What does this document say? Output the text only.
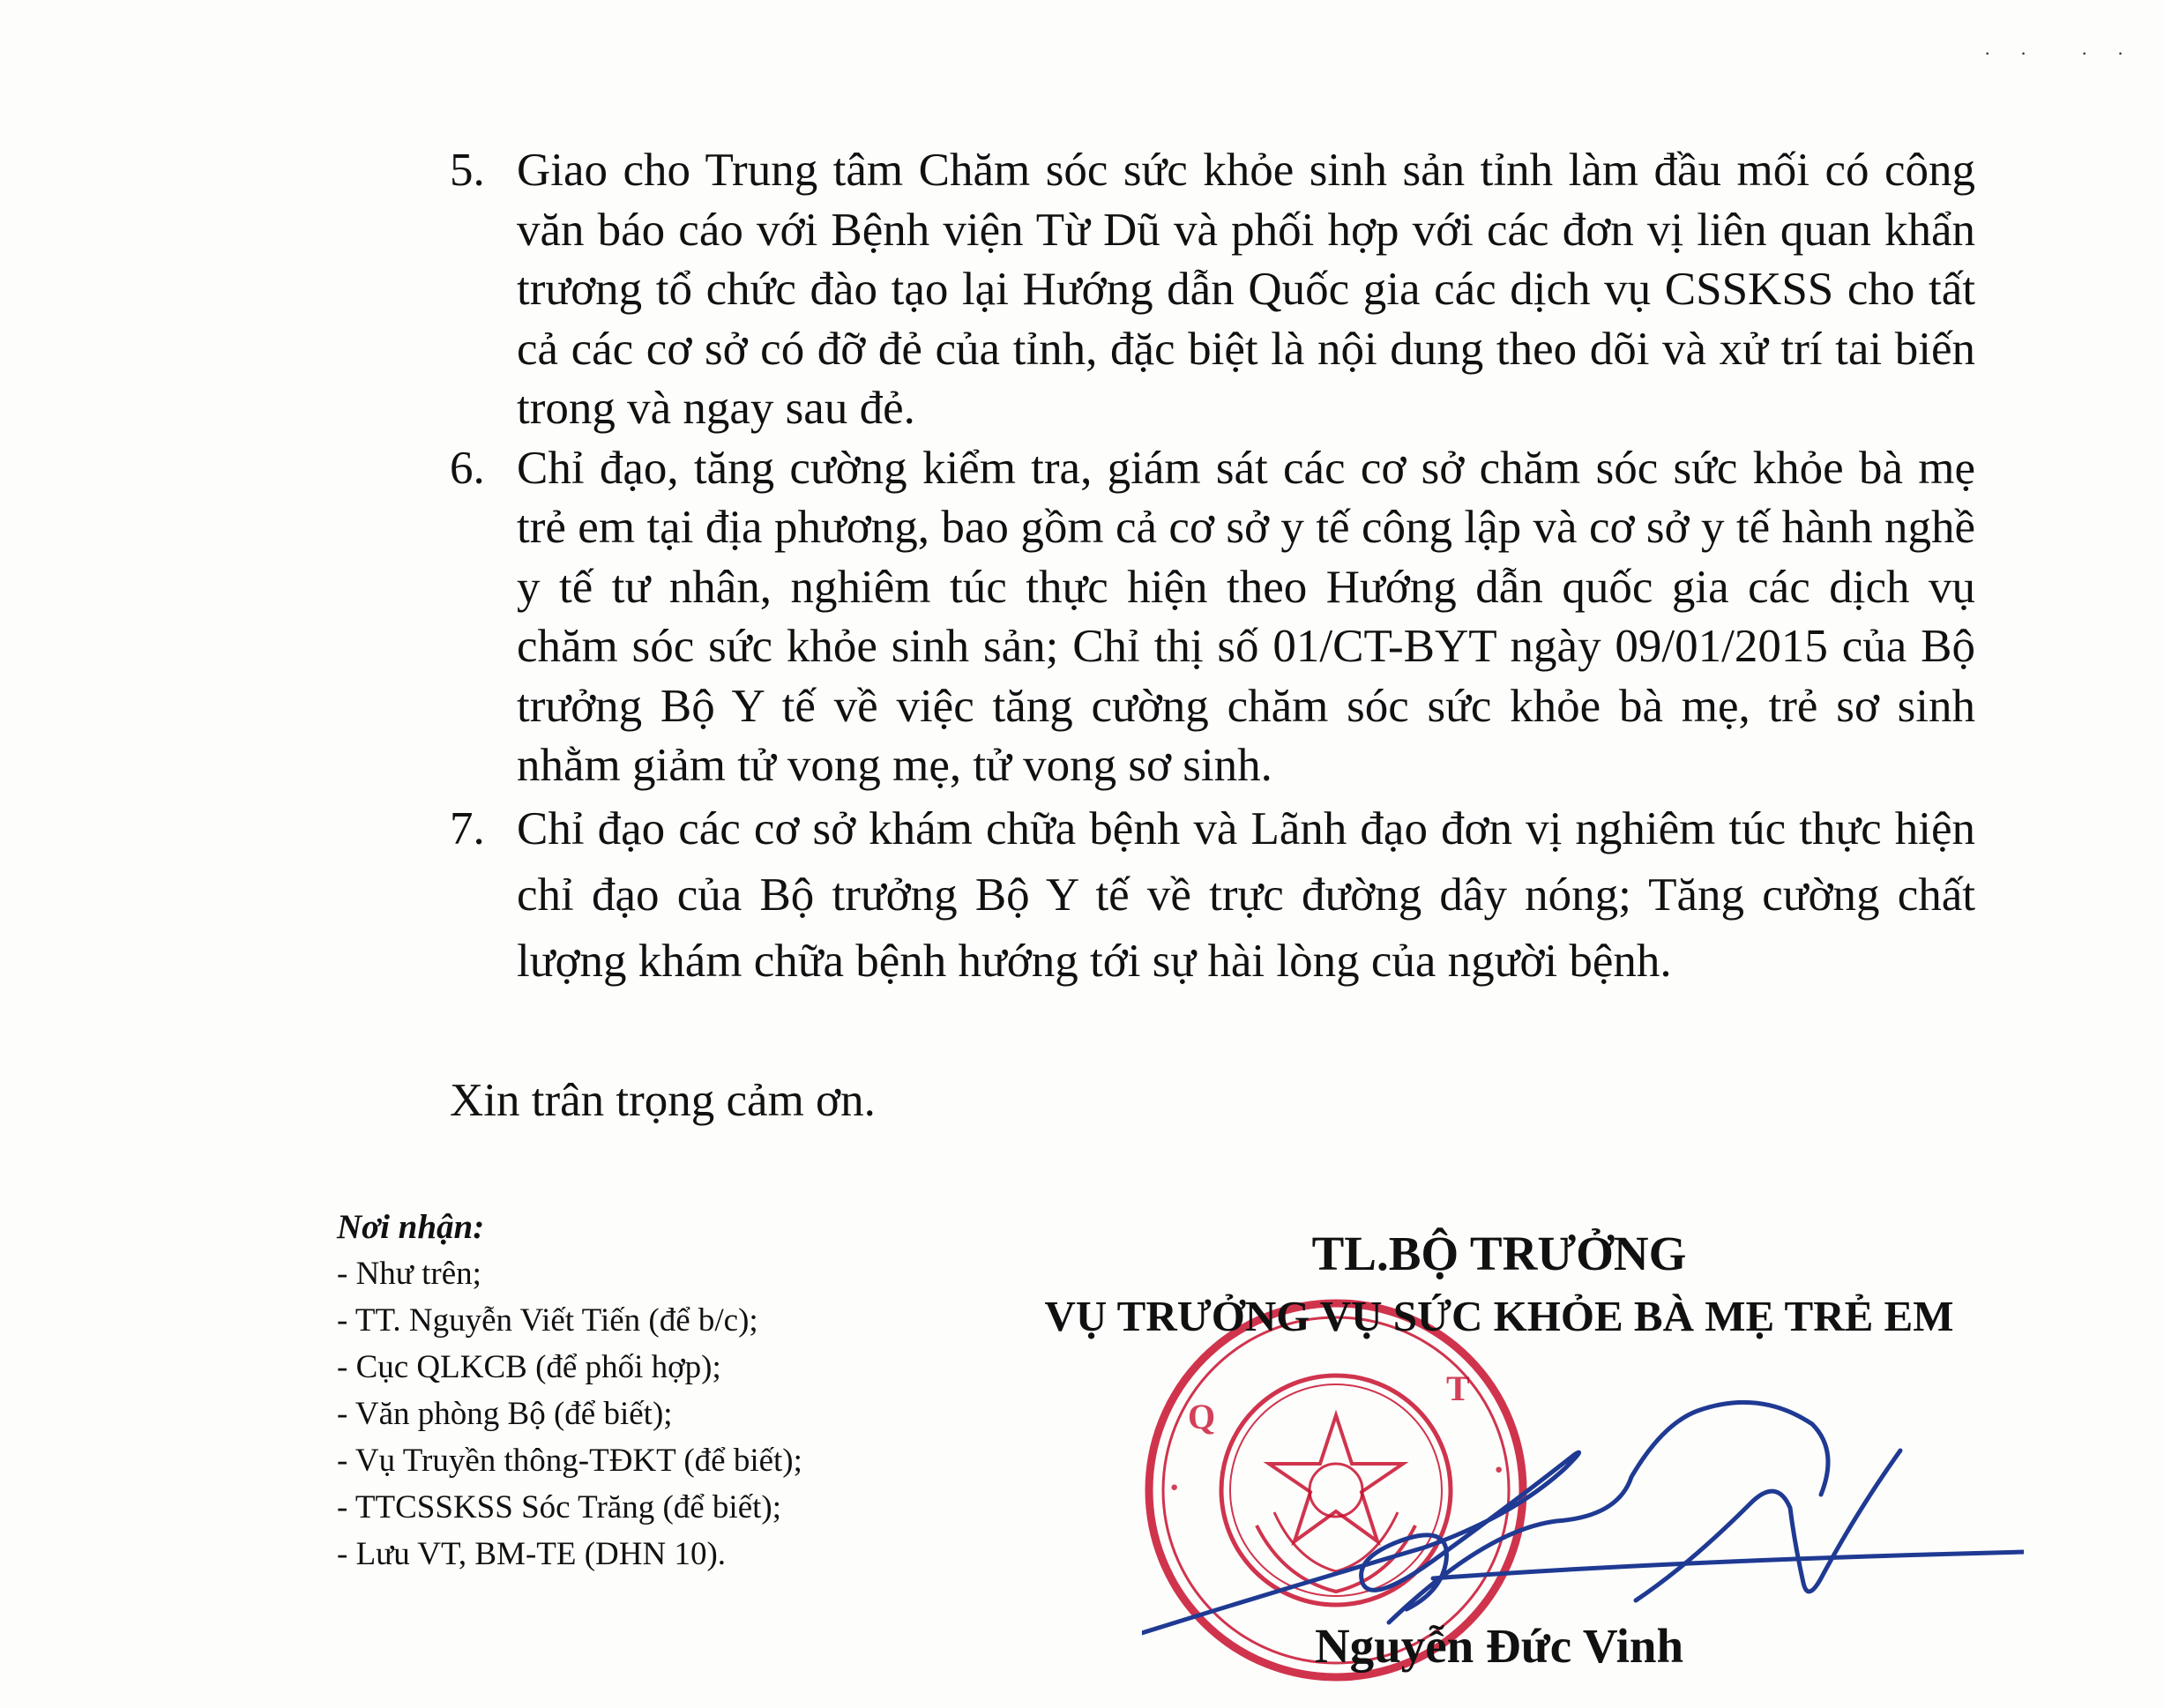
· · · ·
5. Giao cho Trung tâm Chăm sóc sức khỏe sinh sản tỉnh làm đầu mối có công văn báo cáo với Bệnh viện Từ Dũ và phối hợp với các đơn vị liên quan khẩn trương tổ chức đào tạo lại Hướng dẫn Quốc gia các dịch vụ CSSKSS cho tất cả các cơ sở có đỡ đẻ của tỉnh, đặc biệt là nội dung theo dõi và xử trí tai biến trong và ngay sau đẻ.
6. Chỉ đạo, tăng cường kiểm tra, giám sát các cơ sở chăm sóc sức khỏe bà mẹ trẻ em tại địa phương, bao gồm cả cơ sở y tế công lập và cơ sở y tế hành nghề y tế tư nhân, nghiêm túc thực hiện theo Hướng dẫn quốc gia các dịch vụ chăm sóc sức khỏe sinh sản; Chỉ thị số 01/CT-BYT ngày 09/01/2015 của Bộ trưởng Bộ Y tế về việc tăng cường chăm sóc sức khỏe bà mẹ, trẻ sơ sinh nhằm giảm tử vong mẹ, tử vong sơ sinh.
7. Chỉ đạo các cơ sở khám chữa bệnh và Lãnh đạo đơn vị nghiêm túc thực hiện chỉ đạo của Bộ trưởng Bộ Y tế về trực đường dây nóng; Tăng cường chất lượng khám chữa bệnh hướng tới sự hài lòng của người bệnh.

Xin trân trọng cảm ơn.

Nơi nhận:

- Như trên;

- TT. Nguyễn Viết Tiến (để b/c);

- Cục QLKCB (để phối hợp);

- Văn phòng Bộ (để biết);

- Vụ Truyền thông-TĐKT (để biết);

- TTCSSKSS Sóc Trăng (để biết);

- Lưu VT, BM-TE (DHN 10).

Q
T
·	·

TL.BỘ TRƯỞNG

VỤ TRƯỞNG VỤ SỨC KHỎE BÀ MẸ TRẺ EM

Nguyễn Đức Vinh
